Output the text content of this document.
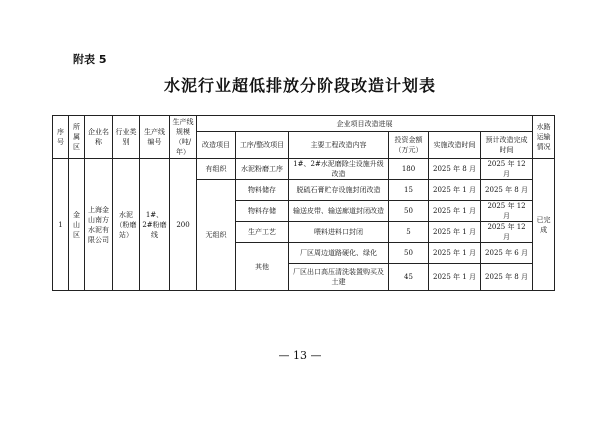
附表 5
水泥行业超低排放分阶段改造计划表
序号	所属区	企业名称	行业类别	生产线编号	生产线规模（吨/年）	企业项目改造进展						水路运输情况
						改造项目	工序/整改项目	主要工程改造内容	投资金额（万元）	实施改造时间	预计改造完成时间	
1	金山区	上海金山南方水泥有限公司	水泥（粉磨站）	1#、2#粉磨线	200	有组织	水泥粉磨工序	1#、2#水泥磨除尘设施升级改造	180	2025 年 8 月	2025 年 12 月	已完成
						无组织	物料储存	脱硫石膏贮存设施封闭改造	15	2025 年 1 月	2025 年 8 月	
							物料存储	输送皮带、输送廊道封闭改造	50	2025 年 1 月	2025 年 12 月	
							生产工艺	喂料进料口封闭	5	2025 年 1 月	2025 年 12 月	
							其他	厂区周边道路硬化、绿化	50	2025 年 1 月	2025 年 6 月	
								厂区出口高压清洗装置购买及土建	45	2025 年 1 月	2025 年 8 月	

— 13 —
